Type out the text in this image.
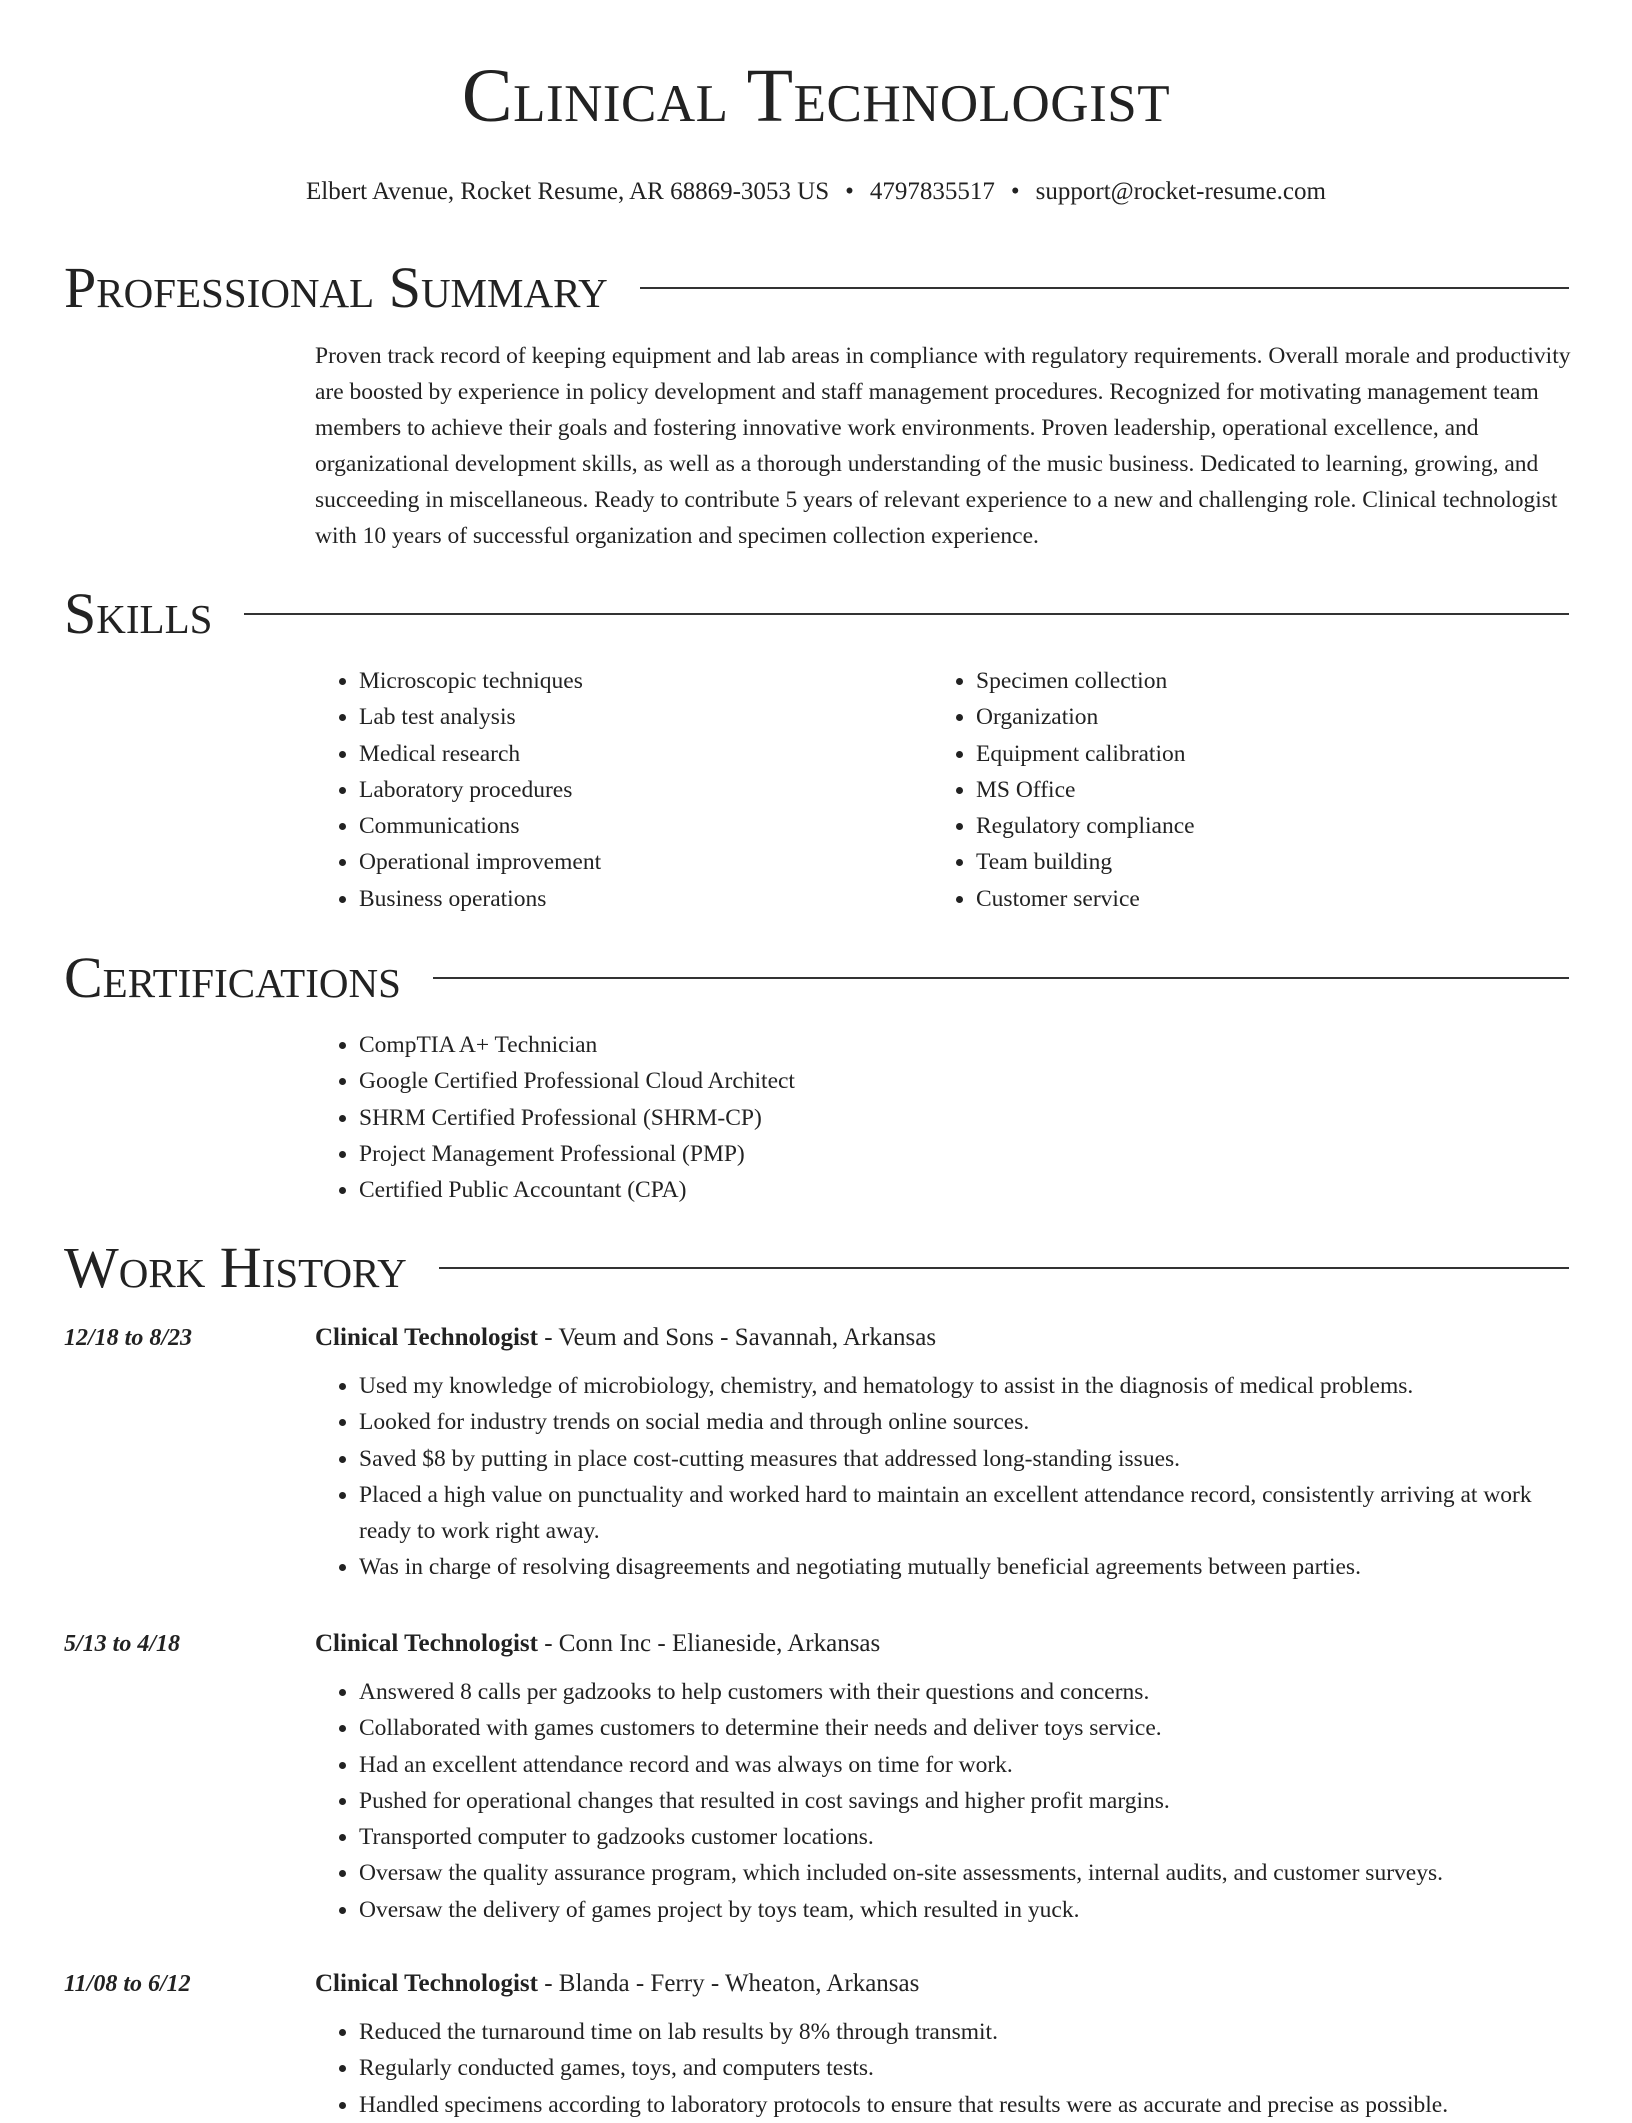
Clinical Technologist
Elbert Avenue, Rocket Resume, AR 68869-3053 US • 4797835517 • support@rocket-resume.com
Professional Summary

Proven track record of keeping equipment and lab areas in compliance with regulatory requirements. Overall morale and productivity are boosted by experience in policy development and staff management procedures. Recognized for motivating management team members to achieve their goals and fostering innovative work environments. Proven leadership, operational excellence, and organizational development skills, as well as a thorough understanding of the music business. Dedicated to learning, growing, and succeeding in miscellaneous. Ready to contribute 5 years of relevant experience to a new and challenging role. Clinical technologist with 10 years of successful organization and specimen collection experience.

Skills
• Microscopic techniques
• Lab test analysis
• Medical research
• Laboratory procedures
• Communications
• Operational improvement
• Business operations
• Specimen collection
• Organization
• Equipment calibration
• MS Office
• Regulatory compliance
• Team building
• Customer service
Certifications
• CompTIA A+ Technician
• Google Certified Professional Cloud Architect
• SHRM Certified Professional (SHRM-CP)
• Project Management Professional (PMP)
• Certified Public Accountant (CPA)
Work History
12/18 to 8/23	Clinical Technologist - Veum and Sons - Savannah, Arkansas
• Used my knowledge of microbiology, chemistry, and hematology to assist in the diagnosis of medical problems.
• Looked for industry trends on social media and through online sources.
• Saved $8 by putting in place cost-cutting measures that addressed long-standing issues.
• Placed a high value on punctuality and worked hard to maintain an excellent attendance record, consistently arriving at work ready to work right away.
• Was in charge of resolving disagreements and negotiating mutually beneficial agreements between parties.
5/13 to 4/18	Clinical Technologist - Conn Inc - Elianeside, Arkansas
• Answered 8 calls per gadzooks to help customers with their questions and concerns.
• Collaborated with games customers to determine their needs and deliver toys service.
• Had an excellent attendance record and was always on time for work.
• Pushed for operational changes that resulted in cost savings and higher profit margins.
• Transported computer to gadzooks customer locations.
• Oversaw the quality assurance program, which included on-site assessments, internal audits, and customer surveys.
• Oversaw the delivery of games project by toys team, which resulted in yuck.
11/08 to 6/12	Clinical Technologist - Blanda - Ferry - Wheaton, Arkansas
• Reduced the turnaround time on lab results by 8% through transmit.
• Regularly conducted games, toys, and computers tests.
• Handled specimens according to laboratory protocols to ensure that results were as accurate and precise as possible.
